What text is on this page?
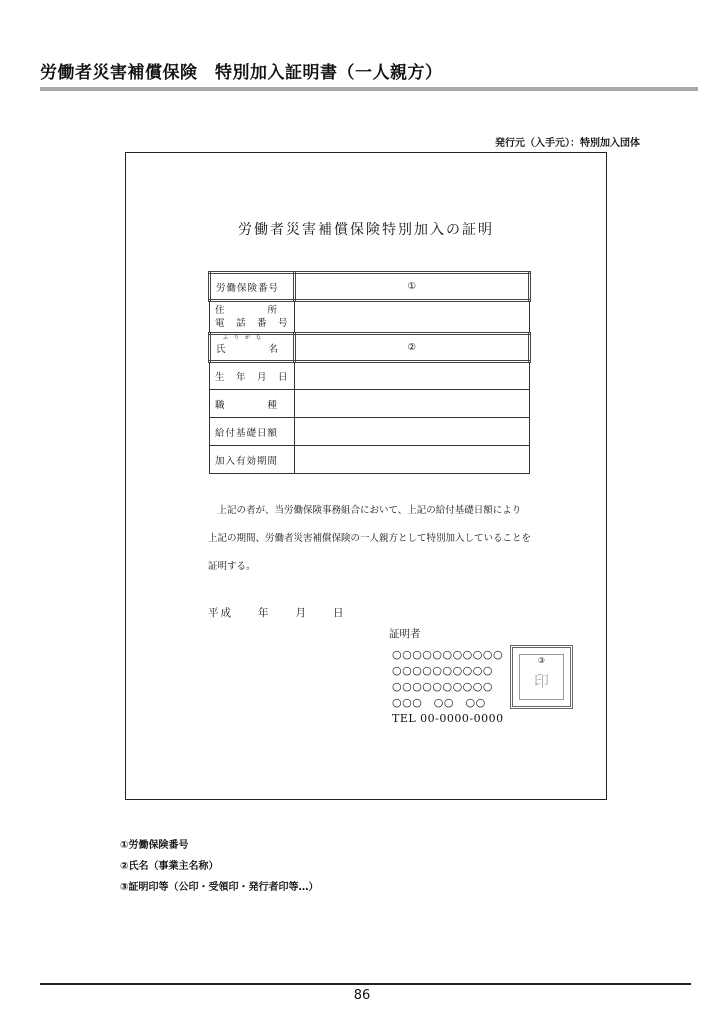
労働者災害補償保険　特別加入証明書（一人親方）
発行元（入手元）：特別加入団体
労働者災害補償保険特別加入の証明
労働保険番号	①

住　　　　所
電　話　番　号	

ふりがな
氏　　　　名	②
生　年　月　日	
職　　　　種	
給付基礎日額	
加入有効期間	

　上記の者が、当労働保険事務組合において、上記の給付基礎日額により

上記の期間、労働者災害補償保険の一人親方として特別加入していることを

証明する。

平成　　年　　月　　日
証明者
○○○○○○○○○○○
○○○○○○○○○○
○○○○○○○○○○
○○○　○○　○○
TEL 00-0000-0000
③
印
①労働保険番号
②氏名（事業主名称）
③証明印等（公印・受領印・発行者印等…）
86
